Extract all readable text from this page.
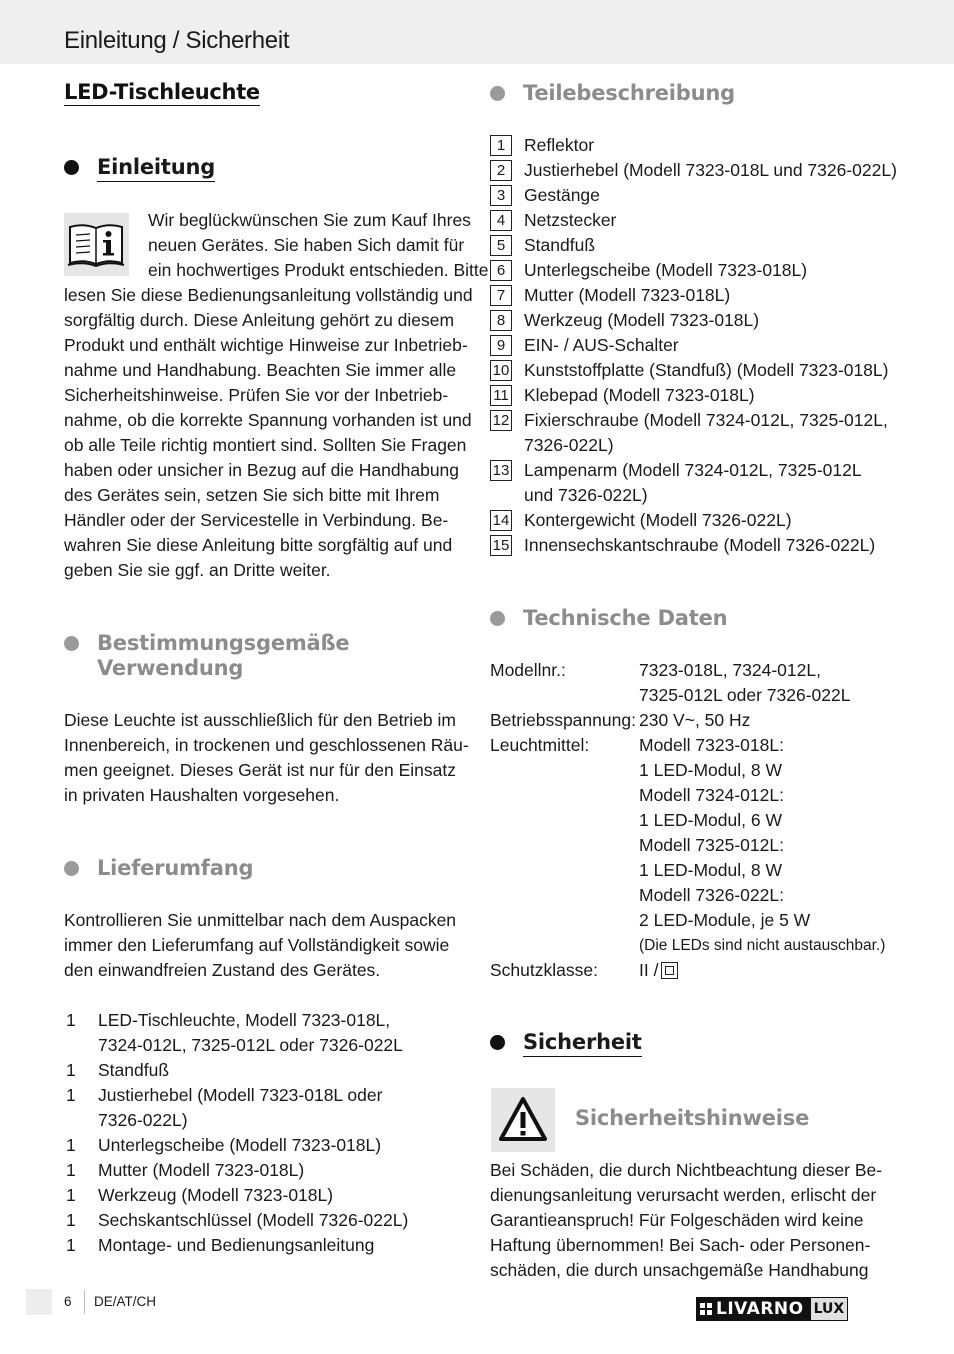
Einleitung / Sicherheit
LED-Tischleuchte
Einleitung
Wir beglückwünschen Sie zum Kauf Ihres
neuen Gerätes. Sie haben Sich damit für
ein hochwertiges Produkt entschieden. Bitte
lesen Sie diese Bedienungsanleitung vollständig und
sorgfältig durch. Diese Anleitung gehört zu diesem
Produkt und enthält wichtige Hinweise zur Inbetrieb-
nahme und Handhabung. Beachten Sie immer alle
Sicherheitshinweise. Prüfen Sie vor der Inbetrieb-
nahme, ob die korrekte Spannung vorhanden ist und
ob alle Teile richtig montiert sind. Sollten Sie Fragen
haben oder unsicher in Bezug auf die Handhabung
des Gerätes sein, setzen Sie sich bitte mit Ihrem
Händler oder der Servicestelle in Verbindung. Be-
wahren Sie diese Anleitung bitte sorgfältig auf und
geben Sie sie ggf. an Dritte weiter.
Bestimmungsgemäße
Verwendung
Diese Leuchte ist ausschließlich für den Betrieb im
Innenbereich, in trockenen und geschlossenen Räu-
men geeignet. Dieses Gerät ist nur für den Einsatz
in privaten Haushalten vorgesehen.
Lieferumfang
Kontrollieren Sie unmittelbar nach dem Auspacken
immer den Lieferumfang auf Vollständigkeit sowie
den einwandfreien Zustand des Gerätes.
1	LED-Tischleuchte, Modell 7323-018L,
7324-012L, 7325-012L oder 7326-022L
1	Standfuß
1	Justierhebel (Modell 7323-018L oder
7326-022L)
1	Unterlegscheibe (Modell 7323-018L)
1	Mutter (Modell 7323-018L)
1	Werkzeug (Modell 7323-018L)
1	Sechskantschlüssel (Modell 7326-022L)
1	Montage- und Bedienungsanleitung
Teilebeschreibung
1	Reflektor
2	Justierhebel (Modell 7323-018L und 7326-022L)
3	Gestänge
4	Netzstecker
5	Standfuß
6	Unterlegscheibe (Modell 7323-018L)
7	Mutter (Modell 7323-018L)
8	Werkzeug (Modell 7323-018L)
9	EIN- / AUS-Schalter
10 Kunststoffplatte (Standfuß) (Modell 7323-018L)
11 Klebepad (Modell 7323-018L)
12 Fixierschraube (Modell 7324-012L, 7325-012L,
7326-022L)
13 Lampenarm (Modell 7324-012L, 7325-012L
und 7326-022L)
14 Kontergewicht (Modell 7326-022L)
15 Innensechskantschraube (Modell 7326-022L)
Technische Daten
Modellnr.:	7323-018L, 7324-012L,
7325-012L oder 7326-022L
Betriebsspannung: 230 V~, 50 Hz
Leuchtmittel:	Modell 7323-018L:
1 LED-Modul, 8 W
Modell 7324-012L:
1 LED-Modul, 6 W
Modell 7325-012L:
1 LED-Modul, 8 W
Modell 7326-022L:
2 LED-Module, je 5 W
(Die LEDs sind nicht austauschbar.)
Schutzklasse:	II /
Sicherheit
Sicherheitshinweise
Bei Schäden, die durch Nichtbeachtung dieser Be-
dienungsanleitung verursacht werden, erlischt der
Garantieanspruch! Für Folgeschäden wird keine
Haftung übernommen! Bei Sach- oder Personen-
schäden, die durch unsachgemäße Handhabung
6 DE/AT/CH	LIVARNO LUX
